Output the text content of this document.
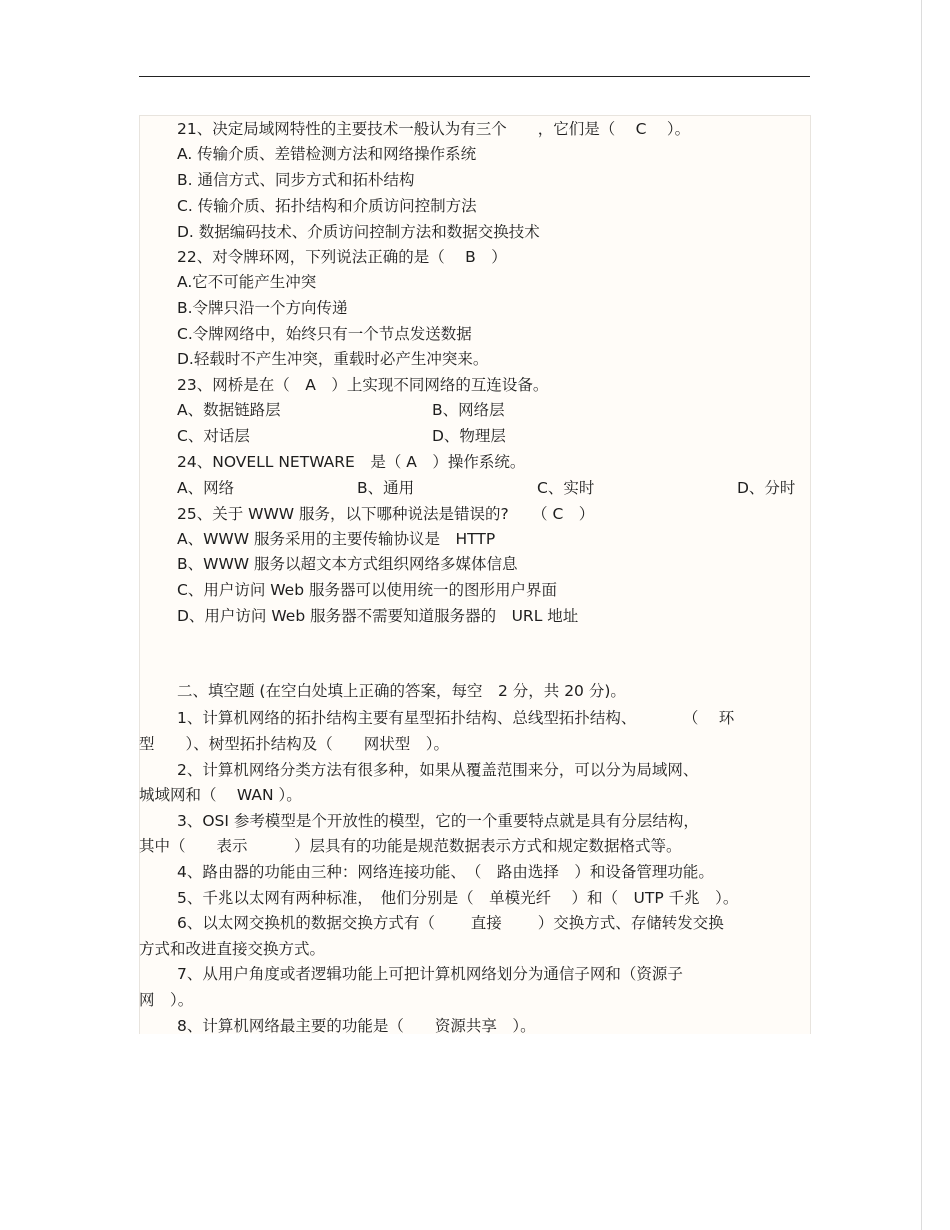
21、决定局域网特性的主要技术一般认为有三个　　，它们是（　 C　 ）。
A. 传输介质、差错检测方法和网络操作系统
B. 通信方式、同步方式和拓朴结构
C. 传输介质、拓扑结构和介质访问控制方法
D. 数据编码技术、介质访问控制方法和数据交换技术
22、对令牌环网，下列说法正确的是（　 B　）
A.它不可能产生冲突
B.令牌只沿一个方向传递
C.令牌网络中，始终只有一个节点发送数据
D.轻载时不产生冲突，重载时必产生冲突来。
23、网桥是在（　A　）上实现不同网络的互连设备。
A、数据链路层	B、网络层
C、对话层	D、物理层
24、NOVELL NETWARE　是（ A　）操作系统。
A、网络	B、通用	C、实时	D、分时
25、关于 WWW 服务，以下哪种说法是错误的?　　（ C　）
A、WWW 服务采用的主要传输协议是　HTTP
B、WWW 服务以超文本方式组织网络多媒体信息
C、用户访问 Web 服务器可以使用统一的图形用户界面
D、用户访问 Web 服务器不需要知道服务器的　URL 地址
二、填空题 (在空白处填上正确的答案，每空　2 分，共 20 分)。
1、计算机网络的拓扑结构主要有星型拓扑结构、总线型拓扑结构、　　　　（　 环
型　　）、树型拓扑结构及（　　网状型　）。
2、计算机网络分类方法有很多种，如果从覆盖范围来分，可以分为局域网、
城域网和（　 WAN ）。
3、OSI 参考模型是个开放性的模型，它的一个重要特点就是具有分层结构，
其中（　　表示　　　）层具有的功能是规范数据表示方式和规定数据格式等。
4、路由器的功能由三种：网络连接功能、　（　路由选择　）和设备管理功能。
5、千兆以太网有两种标准，　他们分别是（　单模光纤　 ）和（　UTP 千兆　）。
6、以太网交换机的数据交换方式有（　　 直接　　 ）交换方式、存储转发交换
方式和改进直接交换方式。
7、从用户角度或者逻辑功能上可把计算机网络划分为通信子网和（资源子
网　）。
8、计算机网络最主要的功能是（　　资源共享　）。
